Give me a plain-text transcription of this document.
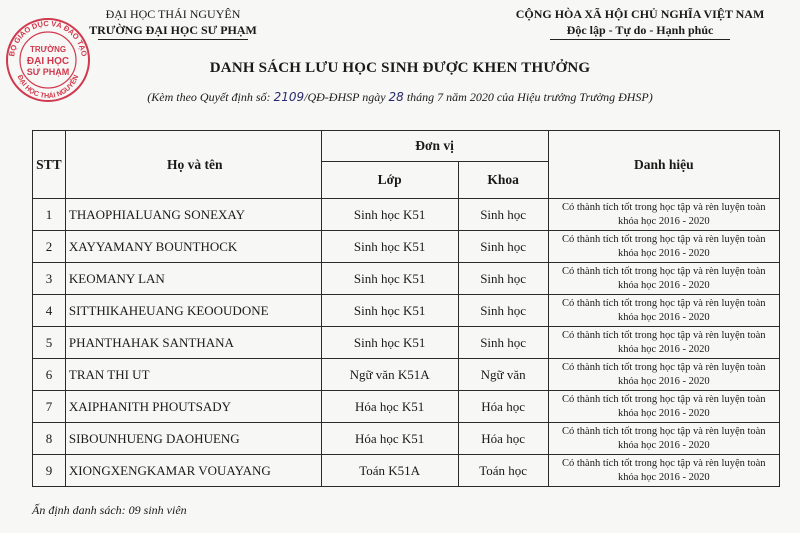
BỘ GIÁO DỤC VÀ ĐÀO TẠO
ĐẠI HỌC THÁI NGUYÊN
TRƯỜNG
ĐẠI HỌC
SƯ PHẠM
ĐẠI HỌC THÁI NGUYÊN
TRƯỜNG ĐẠI HỌC SƯ PHẠM
CỘNG HÒA XÃ HỘI CHỦ NGHĨA VIỆT NAM
Độc lập - Tự do - Hạnh phúc
DANH SÁCH LƯU HỌC SINH ĐƯỢC KHEN THƯỞNG
(Kèm theo Quyết định số: 2109/QĐ-ĐHSP ngày 28 tháng 7 năm 2020 của Hiệu trưởng Trường ĐHSP)
STT	Họ và tên	Đơn vị		Danh hiệu
		Lớp	Khoa	
1	THAOPHIALUANG SONEXAY	Sinh học K51	Sinh học	Có thành tích tốt trong học tập và rèn luyện toàn
khóa học 2016 - 2020

2	XAYYAMANY BOUNTHOCK	Sinh học K51	Sinh học	Có thành tích tốt trong học tập và rèn luyện toàn
khóa học 2016 - 2020

3	KEOMANY LAN	Sinh học K51	Sinh học	Có thành tích tốt trong học tập và rèn luyện toàn
khóa học 2016 - 2020

4	SITTHIKAHEUANG KEOOUDONE	Sinh học K51	Sinh học	Có thành tích tốt trong học tập và rèn luyện toàn
khóa học 2016 - 2020

5	PHANTHAHAK SANTHANA	Sinh học K51	Sinh học	Có thành tích tốt trong học tập và rèn luyện toàn
khóa học 2016 - 2020

6	TRAN THI UT	Ngữ văn K51A	Ngữ văn	Có thành tích tốt trong học tập và rèn luyện toàn
khóa học 2016 - 2020

7	XAIPHANITH PHOUTSADY	Hóa học K51	Hóa học	Có thành tích tốt trong học tập và rèn luyện toàn
khóa học 2016 - 2020

8	SIBOUNHUENG DAOHUENG	Hóa học K51	Hóa học	Có thành tích tốt trong học tập và rèn luyện toàn
khóa học 2016 - 2020

9	XIONGXENGKAMAR VOUAYANG	Toán K51A	Toán học	Có thành tích tốt trong học tập và rèn luyện toàn
khóa học 2016 - 2020
Ấn định danh sách: 09 sinh viên
